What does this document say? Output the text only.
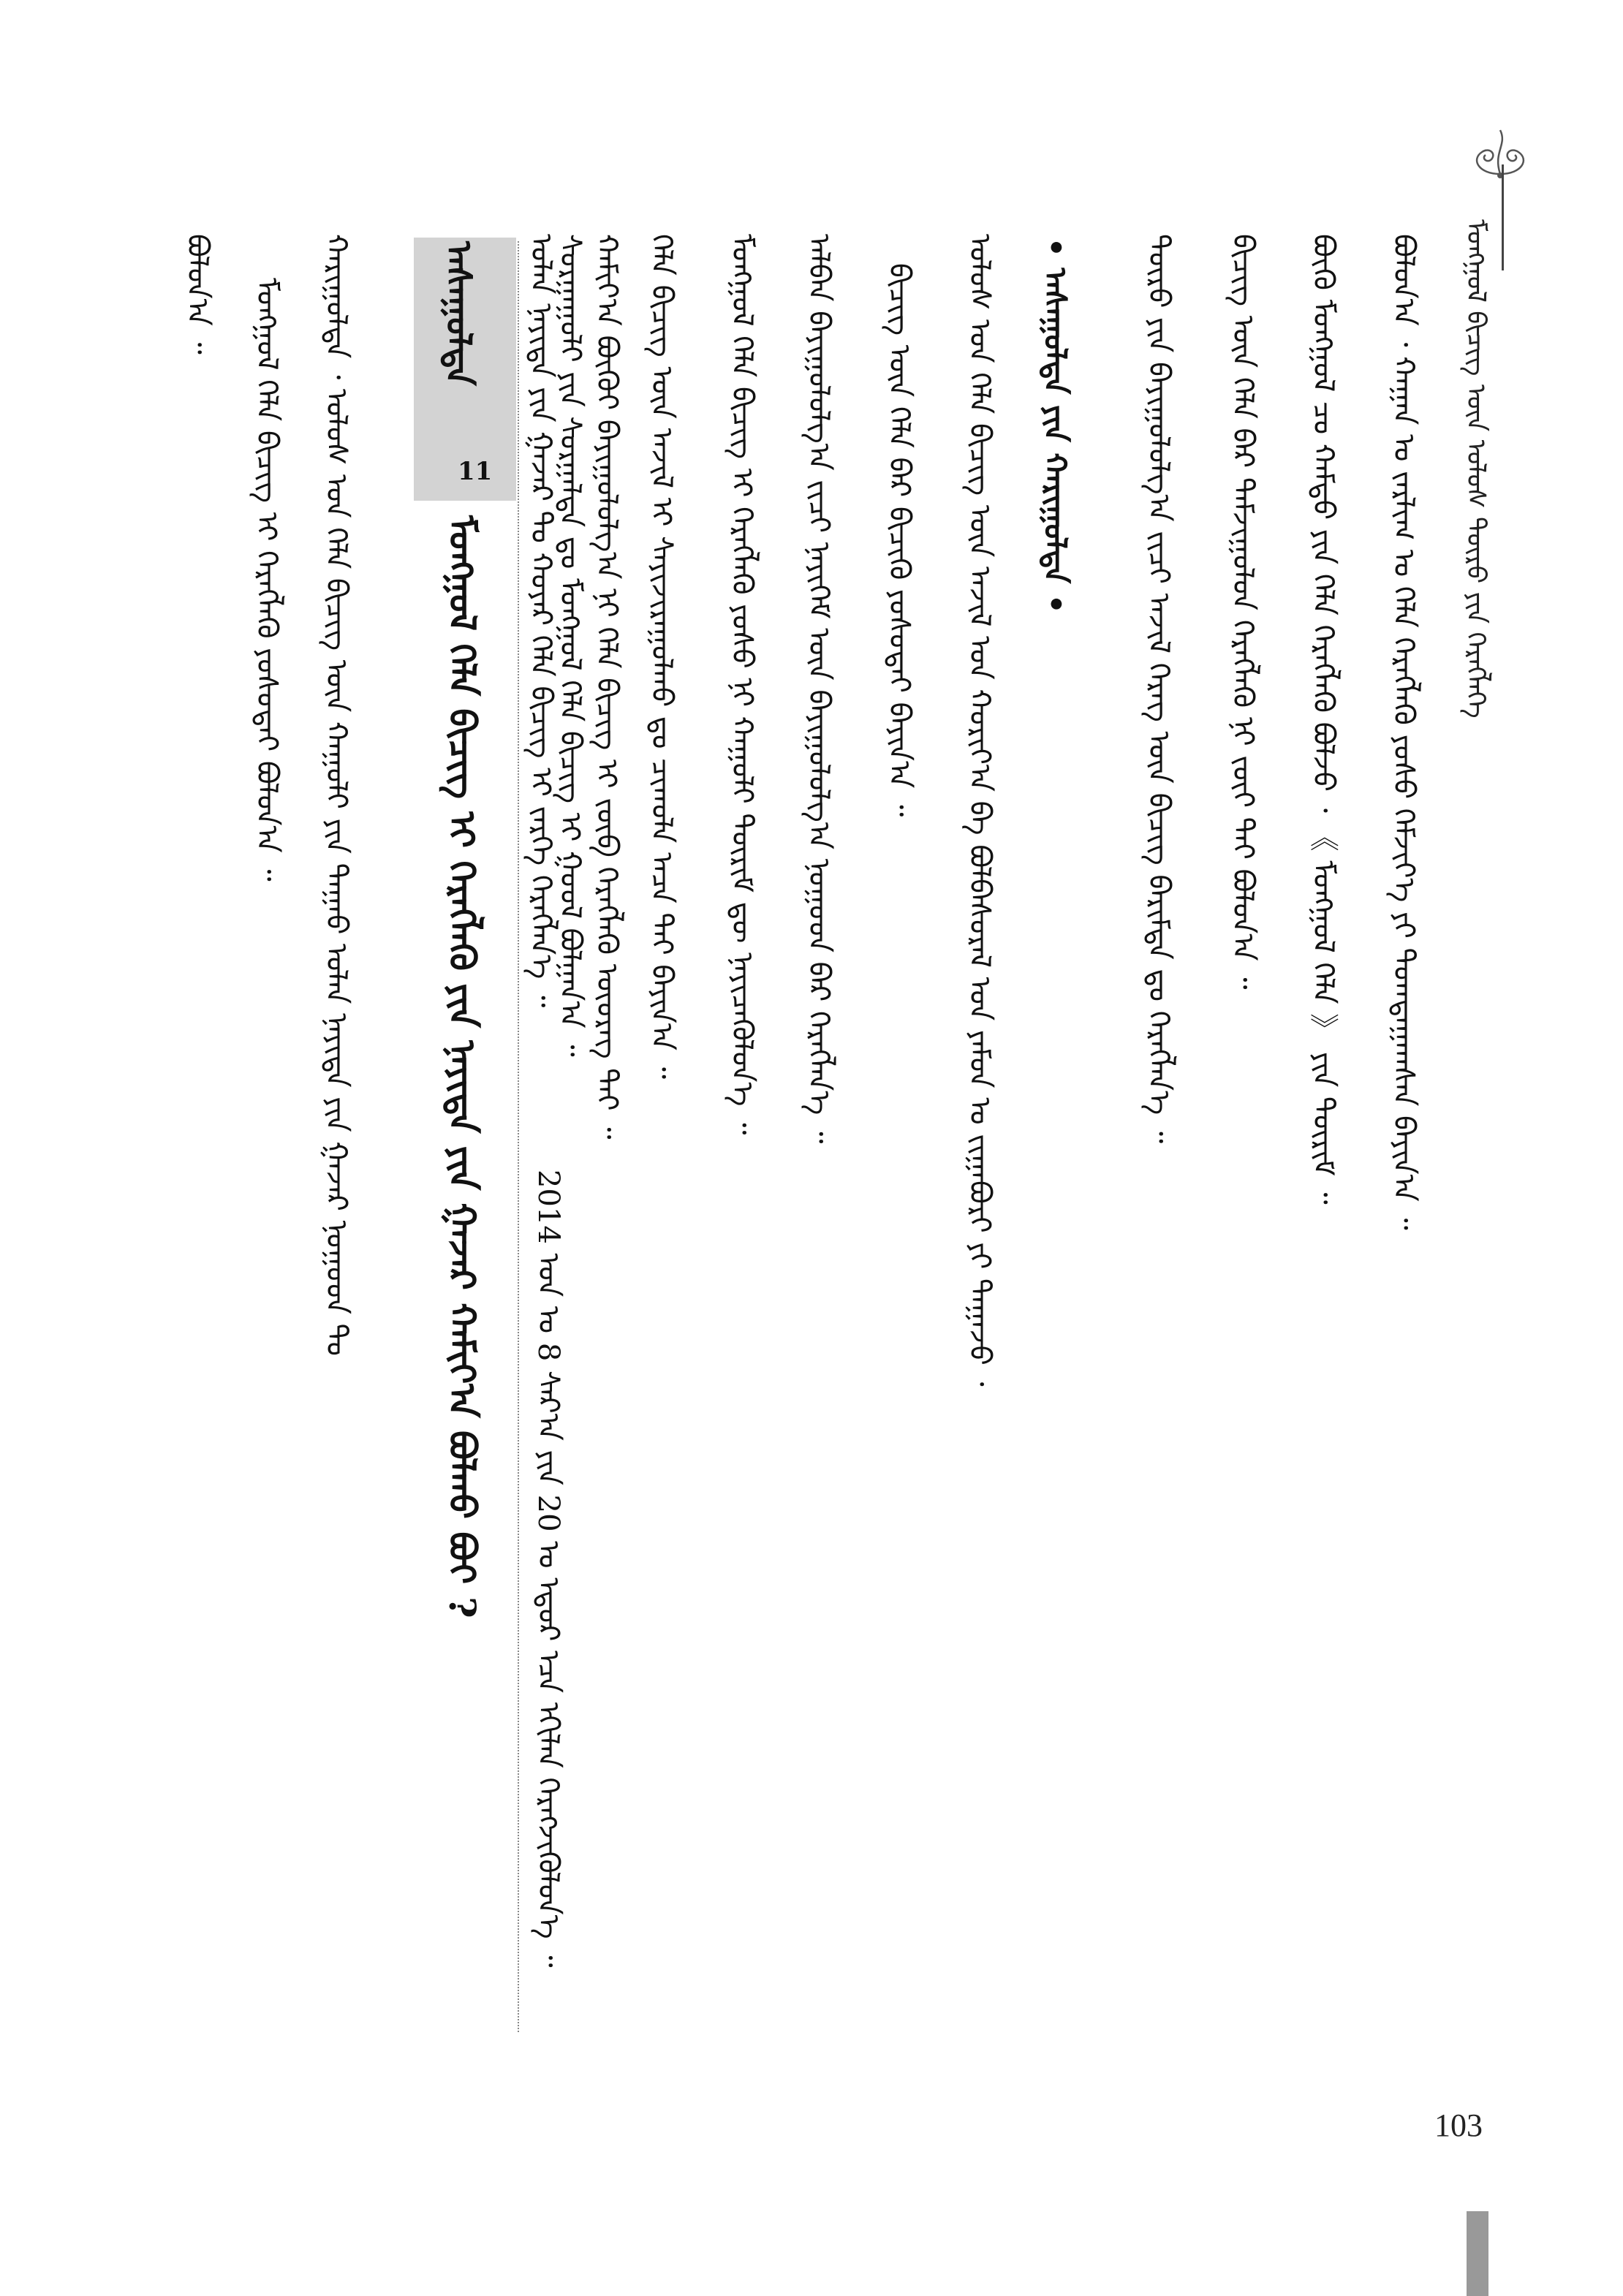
ᠮᠣᠩᠭᠣᠯ ᠪᠢᠴᠢᠭ ᠦᠨ ᠤᠯᠤᠰ ᠲᠥᠷᠥ ᠶᠢᠨ ᠬᠡᠷᠡᠭᠯᠡᠭᠡ
ᠪᠣᠯᠤᠨ᠎ᠠ ᠂ ᠬᠠᠭᠠᠨ ᠤ ᠵᠠᠷᠯᠢᠭ ᠤ ᠬᠡᠯᠡ ᠬᠡᠷᠡᠭᠯᠡᠬᠦ ᠶᠣᠰᠤ ᠬᠡᠮᠵᠢᠶ᠎ᠡ ᠶᠢ ᠲᠣᠭᠲᠠᠭᠠᠭᠰᠠᠨ ᠪᠠᠶᠢᠨ᠎ᠠ ᠃
ᠪᠦᠬᠦ ᠮᠣᠩᠭᠣᠯ ᠴᠤ ᠬᠠᠮᠲᠤ ᠶᠢᠨ ᠬᠡᠯᠡ ᠬᠡᠷᠡᠭᠯᠡᠬᠦ ᠪᠣᠯᠵᠤ ᠂ 《 ᠮᠣᠩᠭᠣᠯ ᠬᠡᠯᠡ 》 ᠶᠢᠨ ᠳᠦᠷᠢᠮ ᠃
ᠪᠢᠴᠢᠭ ᠦᠨ ᠬᠡᠯᠡ ᠪᠡᠷ ᠳᠠᠮᠵᠢᠭᠤᠯᠤᠨ ᠬᠡᠷᠡᠭᠯᠡᠬᠦ ᠨᠢ ᠵᠦᠢ ᠲᠠᠢ ᠪᠣᠯᠤᠨ᠎ᠠ ᠃
ᠲᠥᠷᠥ ᠶᠢᠨ ᠪᠠᠶᠢᠭᠤᠯᠤᠯᠭ᠎ᠠ ᠵᠢᠴᠢ ᠠᠵᠢᠯ ᠬᠡᠷᠡᠭ ᠦᠨ ᠪᠢᠴᠢᠭ ᠪᠠᠷᠢᠮᠲᠠ ᠳᠤ ᠬᠡᠷᠡᠭᠯᠡᠨ᠎ᠡ ᠃
• ᠠᠰᠠᠭᠤᠯᠲᠠ ᠶᠢᠨ ᠬᠠᠷᠢᠭᠤᠯᠲᠠ •
ᠤᠯᠤᠰ ᠤᠨ ᠬᠡᠯᠡ ᠪᠢᠴᠢᠭ ᠦᠨ ᠠᠵᠢᠯ ᠤᠨ ᠬᠣᠷᠢᠶ᠎ᠠ ᠪᠠ ᠪᠣᠯᠪᠠᠰᠤᠷᠠᠯ ᠤᠨ ᠶᠠᠮᠤᠨ ᠤ ᠵᠢᠭᠠᠪᠤᠷᠢ ᠶᠢ ᠳᠠᠭᠠᠵᠤ ᠂
ᠪᠢᠴᠢᠭ ᠦᠨ ᠬᠡᠯᠡ ᠪᠡᠷ ᠪᠢᠴᠢᠬᠦ ᠶᠣᠰᠤᠲᠠᠢ ᠪᠠᠶᠢᠨ᠎ᠠ ᠃
ᠠᠯᠪᠠᠨ ᠪᠠᠶᠢᠭᠤᠯᠤᠯᠭ᠎ᠠ ᠵᠢᠴᠢ ᠨᠡᠶᠢᠭᠡᠮ ᠦᠨ ᠪᠠᠶᠢᠭᠤᠯᠤᠯᠭ᠎ᠠ ᠨᠤᠭᠤᠳ ᠪᠠᠷ ᠬᠡᠷᠡᠭᠯᠡᠨ᠎ᠡ ᠃
ᠮᠣᠩᠭᠣᠯ ᠬᠡᠯᠡ ᠪᠢᠴᠢᠭ ᠢ ᠬᠡᠷᠡᠭᠯᠡᠬᠦ ᠶᠣᠰᠤ ᠨᠢ ᠬᠠᠭᠤᠯᠢ ᠳᠦᠷᠢᠮ ᠳᠦ ᠨᠡᠶᠢᠴᠡᠭᠦᠯᠦᠨ᠎ᠡ ᠃
ᠬᠡᠯᠡ ᠪᠢᠴᠢᠭ ᠦᠨ ᠠᠵᠢᠯ ᠢ ᠰᠠᠶᠢᠵᠢᠷᠠᠭᠤᠯᠬᠤ ᠳᠤ ᠴᠢᠬᠤᠯᠠ ᠠᠴᠠ ᠲᠠᠢ ᠪᠠᠶᠢᠨ᠎ᠠ ᠃
ᠬᠠᠮᠢᠶ᠎ᠠ ᠪᠦᠬᠦᠢ ᠪᠠᠶᠢᠭᠤᠯᠤᠯᠭ᠎ᠠ ᠨᠢ ᠬᠡᠯᠡ ᠪᠢᠴᠢᠭ ᠢ ᠵᠥᠪ ᠬᠡᠷᠡᠭᠯᠡᠬᠦ ᠦᠦᠷᠡᠭ ᠲᠡᠢ ᠃
ᠰᠤᠷᠭᠠᠭᠤᠯᠢ ᠶᠢᠨ ᠰᠤᠷᠭᠠᠯᠲᠠ ᠳᠤ ᠮᠣᠩᠭᠣᠯ ᠬᠡᠯᠡ ᠪᠢᠴᠢᠭ ᠢ ᠭᠣᠣᠯ ᠪᠣᠯᠭᠠᠨ᠎ᠠ ᠃
ᠣᠯᠠᠨ ᠨᠡᠶᠢᠲᠡ ᠶᠢᠨ ᠭᠠᠵᠠᠷ ᠲᠤ ᠬᠣᠶᠠᠷ ᠬᠡᠯᠡ ᠪᠢᠴᠢᠭ ᠢ ᠵᠡᠷᠭᠡ ᠬᠡᠷᠡᠭᠯᠡᠨ᠎ᠡ ᠃
2014 ᠣᠨ ᠤ 8 ᠰᠠᠷ᠎ᠠ ᠶᠢᠨ 20 ᠤ ᠡᠳᠦᠷ ᠡᠴᠡ ᠡᠬᠢᠯᠡᠨ ᠬᠡᠷᠡᠭᠵᠢᠭᠦᠯᠦᠨ᠎ᠡ ᠃
ᠠᠰᠠᠭᠤᠯᠲᠠ
11
ᠮᠣᠩᠭᠣᠯ ᠬᠡᠯᠡ ᠪᠢᠴᠢᠭ ᠢ ᠬᠡᠷᠡᠭᠯᠡᠬᠦ ᠶᠢᠨ ᠨᠡᠶᠢᠲᠡ ᠶᠢᠨ ᠭᠠᠵᠠᠷ ᠬᠠᠮᠢᠶ᠎ᠠ ᠪᠣᠯᠬᠤ ᠪᠤᠢ ?
ᠬᠠᠷᠢᠭᠤᠯᠲᠠ ᠂ ᠤᠯᠤᠰ ᠤᠨ ᠬᠡᠯᠡ ᠪᠢᠴᠢᠭ ᠦᠨ ᠬᠠᠭᠤᠯᠢ ᠶᠢᠨ ᠳᠠᠭᠠᠤ ᠣᠯᠠᠨ ᠨᠡᠶᠢᠲᠡ ᠶᠢᠨ ᠭᠠᠵᠠᠷ ᠨᠤᠭᠤᠳ ᠲᠤ
ᠮᠣᠩᠭᠣᠯ ᠬᠡᠯᠡ ᠪᠢᠴᠢᠭ ᠢ ᠬᠡᠷᠡᠭᠯᠡᠬᠦ ᠶᠣᠰᠤᠲᠠᠢ ᠪᠣᠯᠤᠨ᠎ᠠ ᠃
ᠪᠣᠯᠤᠨ᠎ᠠ ᠃
103
